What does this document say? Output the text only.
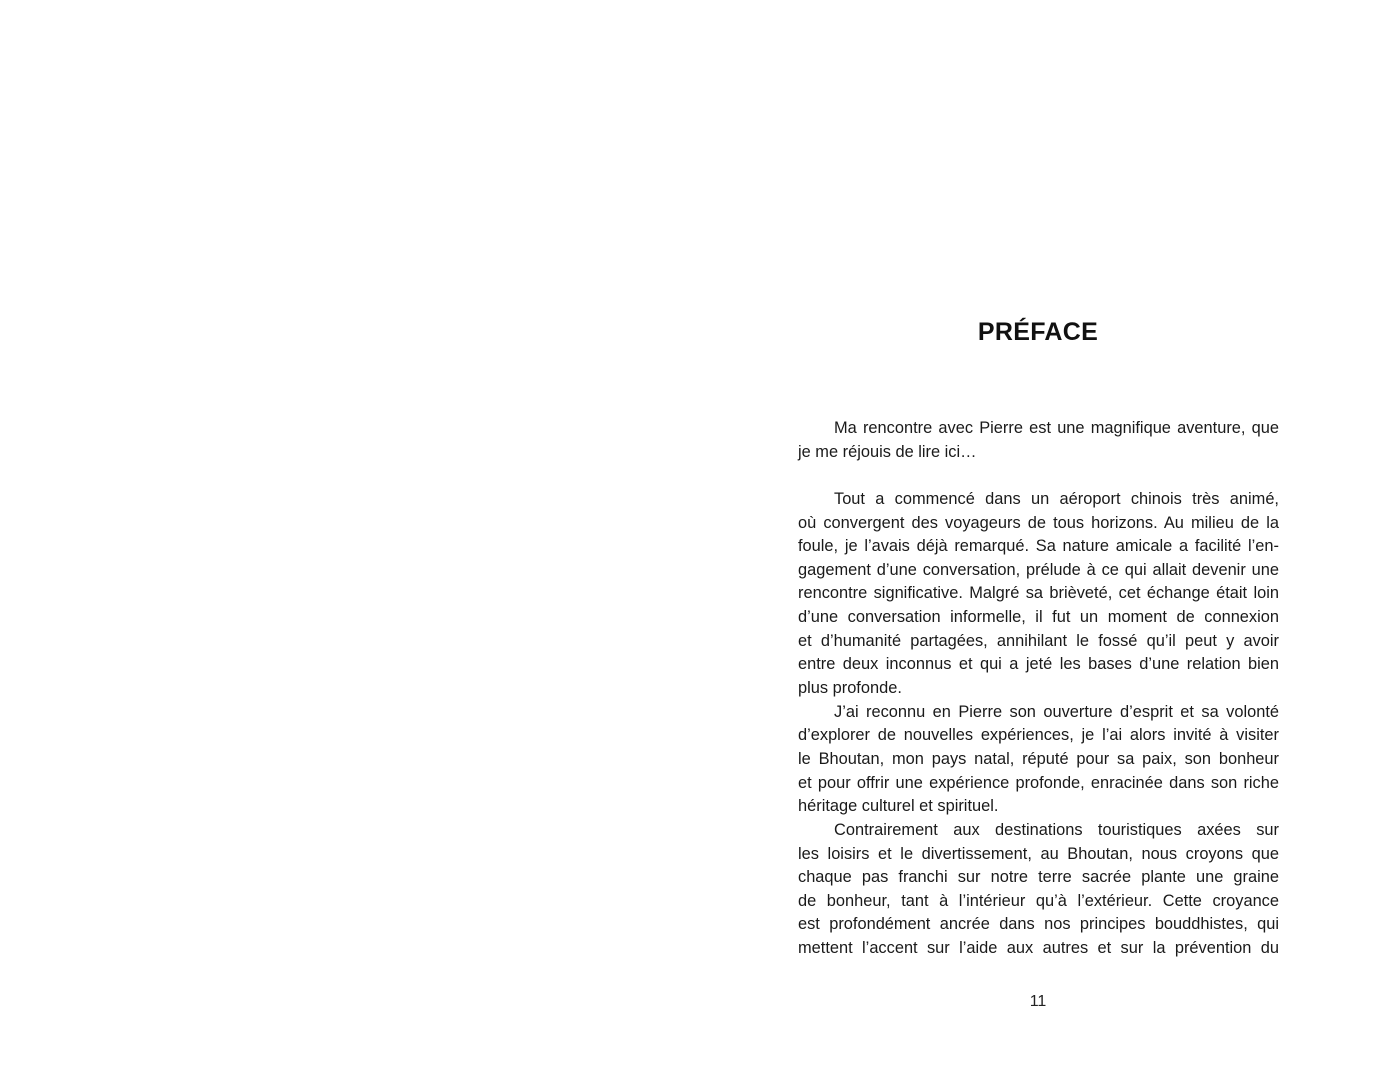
PRÉFACE
Ma rencontre avec Pierre est une magnifique aventure, que
je me réjouis de lire ici…
Tout a commencé dans un aéroport chinois très animé,
où convergent des voyageurs de tous horizons. Au milieu de la
foule, je l’avais déjà remarqué. Sa nature amicale a facilité l’en-
gagement d’une conversation, prélude à ce qui allait devenir une
rencontre significative. Malgré sa brièveté, cet échange était loin
d’une conversation informelle, il fut un moment de connexion
et d’humanité partagées, annihilant le fossé qu’il peut y avoir
entre deux inconnus et qui a jeté les bases d’une relation bien
plus profonde.
J’ai reconnu en Pierre son ouverture d’esprit et sa volonté
d’explorer de nouvelles expériences, je l’ai alors invité à visiter
le Bhoutan, mon pays natal, réputé pour sa paix, son bonheur
et pour offrir une expérience profonde, enracinée dans son riche
héritage culturel et spirituel.
Contrairement aux destinations touristiques axées sur
les loisirs et le divertissement, au Bhoutan, nous croyons que
chaque pas franchi sur notre terre sacrée plante une graine
de bonheur, tant à l’intérieur qu’à l’extérieur. Cette croyance
est profondément ancrée dans nos principes bouddhistes, qui
mettent l’accent sur l’aide aux autres et sur la prévention du
11
